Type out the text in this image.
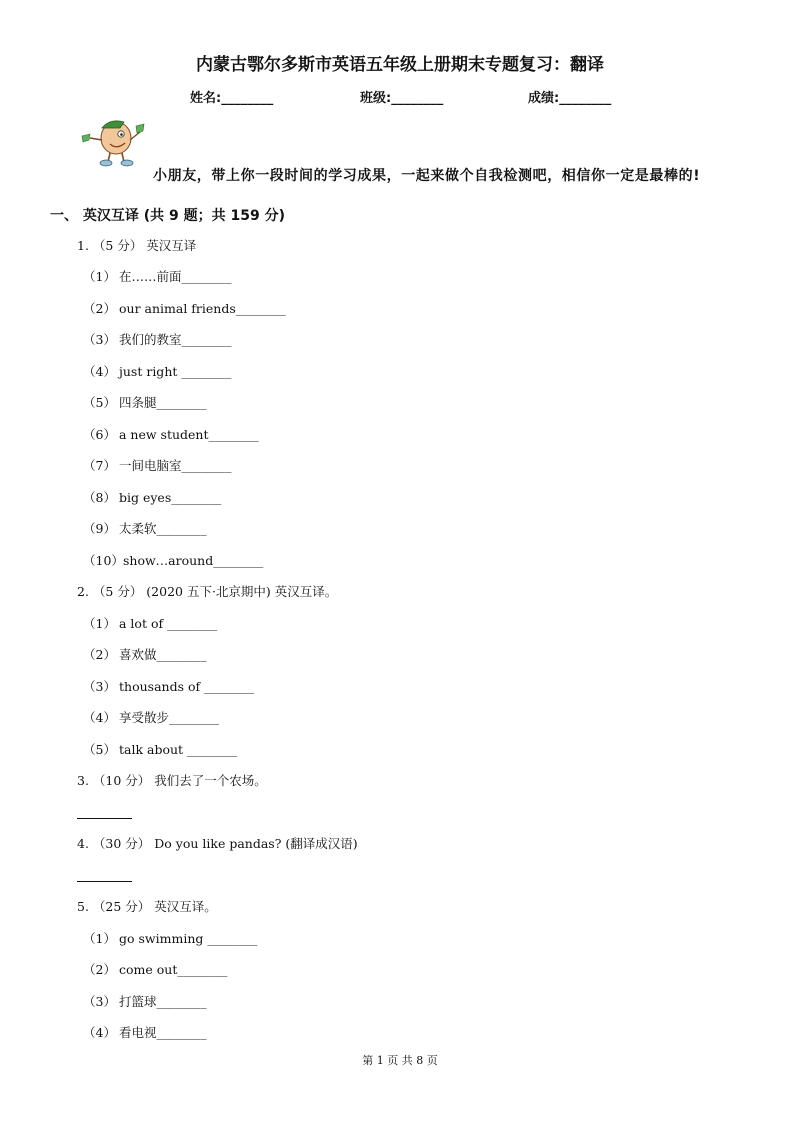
内蒙古鄂尔多斯市英语五年级上册期末专题复习：翻译
姓名:________	班级:________	成绩:________
小朋友，带上你一段时间的学习成果，一起来做个自我检测吧，相信你一定是最棒的!
一、 英汉互译 (共 9 题；共 159 分)
1. （5 分） 英汉互译
（1） 在……前面________
（2） our animal friends________
（3） 我们的教室________
（4） just right ________
（5） 四条腿________
（6） a new student________
（7） 一间电脑室________
（8） big eyes________
（9） 太柔软________
（10） show…around________
2. （5 分） (2020 五下·北京期中) 英汉互译。
（1） a lot of ________
（2） 喜欢做________
（3） thousands of ________
（4） 享受散步________
（5） talk about ________
3. （10 分） 我们去了一个农场。
4. （30 分） Do you like pandas? (翻译成汉语)
5. （25 分） 英汉互译。
（1） go swimming ________
（2） come out________
（3） 打篮球________
（4） 看电视________
第 1 页 共 8 页
